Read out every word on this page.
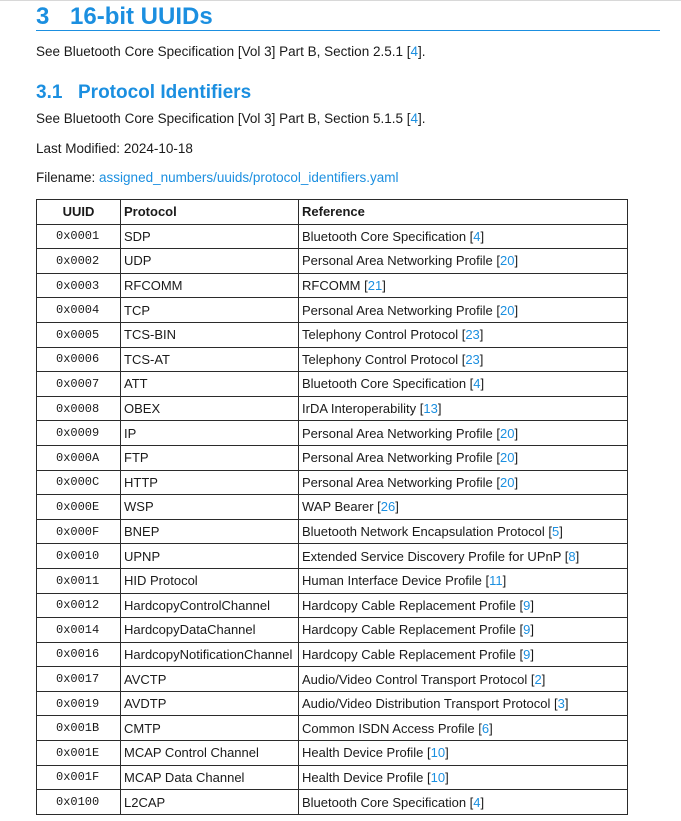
3 16-bit UUIDs
See Bluetooth Core Specification [Vol 3] Part B, Section 2.5.1 [4].
3.1 Protocol Identifiers
See Bluetooth Core Specification [Vol 3] Part B, Section 5.1.5 [4].
Last Modified: 2024-10-18
Filename: assigned_numbers/uuids/protocol_identifiers.yaml
UUID	Protocol	Reference
0x0001	SDP	Bluetooth Core Specification [4]
0x0002	UDP	Personal Area Networking Profile [20]
0x0003	RFCOMM	RFCOMM [21]
0x0004	TCP	Personal Area Networking Profile [20]
0x0005	TCS-BIN	Telephony Control Protocol [23]
0x0006	TCS-AT	Telephony Control Protocol [23]
0x0007	ATT	Bluetooth Core Specification [4]
0x0008	OBEX	IrDA Interoperability [13]
0x0009	IP	Personal Area Networking Profile [20]
0x000A	FTP	Personal Area Networking Profile [20]
0x000C	HTTP	Personal Area Networking Profile [20]
0x000E	WSP	WAP Bearer [26]
0x000F	BNEP	Bluetooth Network Encapsulation Protocol [5]
0x0010	UPNP	Extended Service Discovery Profile for UPnP [8]
0x0011	HID Protocol	Human Interface Device Profile [11]
0x0012	HardcopyControlChannel	Hardcopy Cable Replacement Profile [9]
0x0014	HardcopyDataChannel	Hardcopy Cable Replacement Profile [9]
0x0016	HardcopyNotificationChannel	Hardcopy Cable Replacement Profile [9]
0x0017	AVCTP	Audio/Video Control Transport Protocol [2]
0x0019	AVDTP	Audio/Video Distribution Transport Protocol [3]
0x001B	CMTP	Common ISDN Access Profile [6]
0x001E	MCAP Control Channel	Health Device Profile [10]
0x001F	MCAP Data Channel	Health Device Profile [10]
0x0100	L2CAP	Bluetooth Core Specification [4]
